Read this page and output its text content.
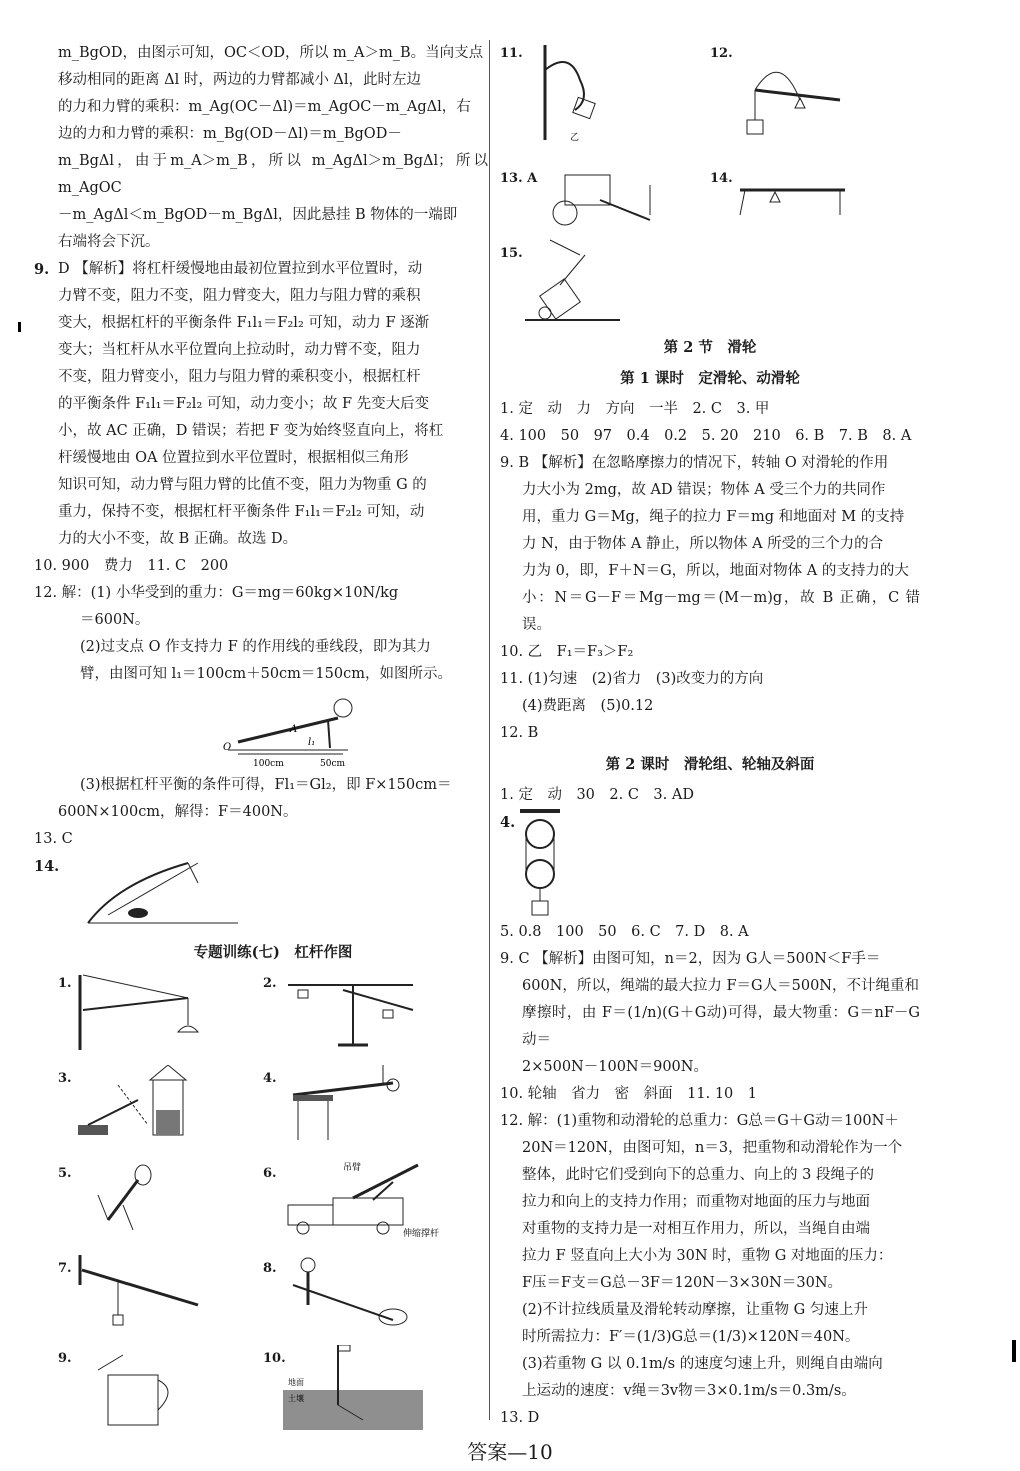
m_BgOD，由图示可知，OC＜OD，所以 m_A＞m_B。当向支点

移动相同的距离 Δl 时，两边的力臂都减小 Δl，此时左边

的力和力臂的乘积：m_Ag(OC－Δl)＝m_AgOC－m_AgΔl，右

边的力和力臂的乘积：m_Bg(OD－Δl)＝m_BgOD－

m_BgΔl，由于m_A＞m_B，所以 m_AgΔl＞m_BgΔl；所以 m_AgOC

－m_AgΔl＜m_BgOD－m_BgΔl，因此悬挂 B 物体的一端即

右端将会下沉。

9. D 【解析】将杠杆缓慢地由最初位置拉到水平位置时，动

力臂不变，阻力不变，阻力臂变大，阻力与阻力臂的乘积

变大，根据杠杆的平衡条件 F₁l₁＝F₂l₂ 可知，动力 F 逐渐

变大；当杠杆从水平位置向上拉动时，动力臂不变，阻力

不变，阻力臂变小，阻力与阻力臂的乘积变小，根据杠杆

的平衡条件 F₁l₁＝F₂l₂ 可知，动力变小；故 F 先变大后变

小，故 AC 正确，D 错误；若把 F 变为始终竖直向上，将杠

杆缓慢地由 OA 位置拉到水平位置时，根据相似三角形

知识可知，动力臂与阻力臂的比值不变，阻力为物重 G 的

重力，保持不变，根据杠杆平衡条件 F₁l₁＝F₂l₂ 可知，动

力的大小不变，故 B 正确。故选 D。

10. 900　费力　11. C　200

12. 解：(1) 小华受到的重力：G＝mg＝60kg×10N/kg

＝600N。

(2)过支点 O 作支持力 F 的作用线的垂线段，即为其力

臂，由图可知 l₁＝100cm＋50cm＝150cm，如图所示。

100cm	50cm
O
A
l₁

(3)根据杠杆平衡的条件可得，Fl₁＝Gl₂，即 F×150cm＝

600N×100cm，解得：F＝400N。

13. C

14.

专题训练(七)　杠杆作图

1.	2.
3.	4.
5.	6.	吊臂
伸缩撑杆
7.	8.
9.	10.
地面
土壤
11.
乙
12.
13. A	14.
15.

第 2 节　滑轮

第 1 课时　定滑轮、动滑轮

1. 定　动　力　方向　一半　2. C　3. 甲

4. 100　50　97　0.4　0.2　5. 20　210　6. B　7. B　8. A

9. B 【解析】在忽略摩擦力的情况下，转轴 O 对滑轮的作用

力大小为 2mg，故 AD 错误；物体 A 受三个力的共同作

用，重力 G＝Mg，绳子的拉力 F＝mg 和地面对 M 的支持

力 N，由于物体 A 静止，所以物体 A 所受的三个力的合

力为 0，即，F＋N＝G，所以，地面对物体 A 的支持力的大

小：N＝G－F＝Mg－mg＝(M－m)g，故 B 正确，C 错误。

10. 乙　F₁＝F₃＞F₂

11. (1)匀速　(2)省力　(3)改变力的方向

(4)费距离　(5)0.12

12. B

第 2 课时　滑轮组、轮轴及斜面

1. 定　动　30　2. C　3. AD

4.

5. 0.8　100　50　6. C　7. D　8. A

9. C 【解析】由图可知，n＝2，因为 G人＝500N＜F手＝

600N，所以，绳端的最大拉力 F＝G人＝500N，不计绳重和

摩擦时，由 F＝(1/n)(G＋G动)可得，最大物重：G＝nF－G动＝

2×500N－100N＝900N。

10. 轮轴　省力　密　斜面　11. 10　1

12. 解：(1)重物和动滑轮的总重力：G总＝G＋G动＝100N＋

20N＝120N，由图可知，n＝3，把重物和动滑轮作为一个

整体，此时它们受到向下的总重力、向上的 3 段绳子的

拉力和向上的支持力作用；而重物对地面的压力与地面

对重物的支持力是一对相互作用力，所以，当绳自由端

拉力 F 竖直向上大小为 30N 时，重物 G 对地面的压力：

F压＝F支＝G总－3F＝120N－3×30N＝30N。

(2)不计拉线质量及滑轮转动摩擦，让重物 G 匀速上升

时所需拉力：F′＝(1/3)G总＝(1/3)×120N＝40N。

(3)若重物 G 以 0.1m/s 的速度匀速上升，则绳自由端向

上运动的速度：v绳＝3v物＝3×0.1m/s＝0.3m/s。

13. D

答案—10
